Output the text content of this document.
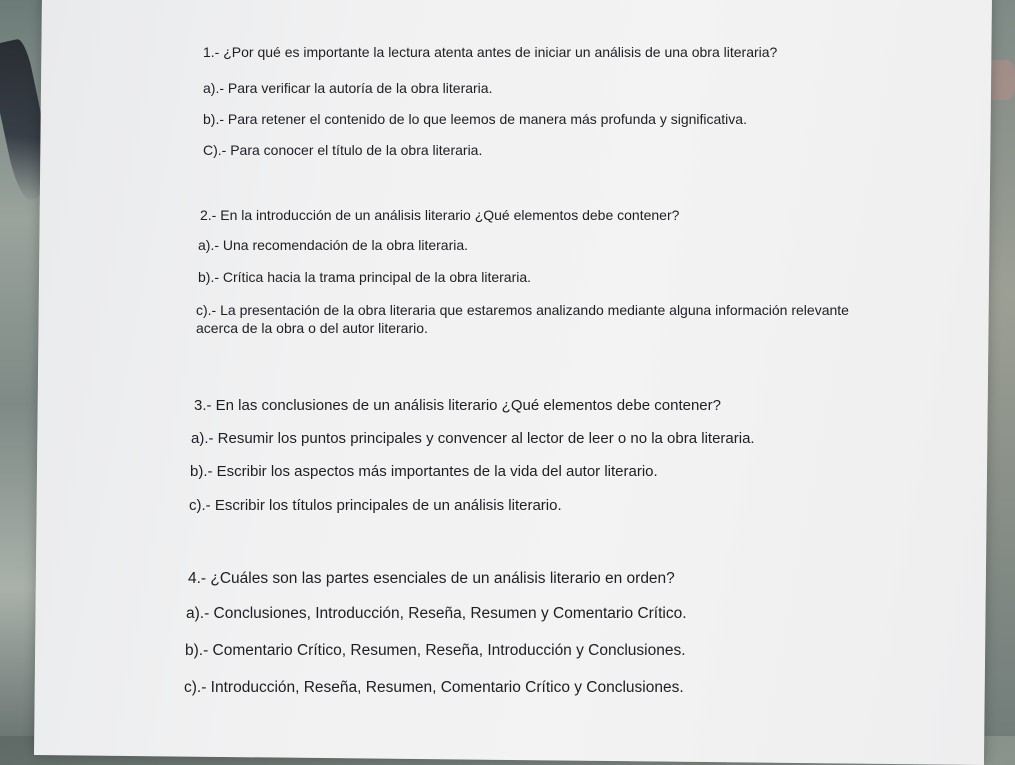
1.- ¿Por qué es importante la lectura atenta antes de iniciar un análisis de una obra literaria?
a).- Para verificar la autoría de la obra literaria.
b).- Para retener el contenido de lo que leemos de manera más profunda y significativa.
C).- Para conocer el título de la obra literaria.
2.- En la introducción de un análisis literario ¿Qué elementos debe contener?
a).- Una recomendación de la obra literaria.
b).- Crítica hacia la trama principal de la obra literaria.
c).- La presentación de la obra literaria que estaremos analizando mediante alguna información relevante acerca de la obra o del autor literario.
3.- En las conclusiones de un análisis literario ¿Qué elementos debe contener?
a).- Resumir los puntos principales y convencer al lector de leer o no la obra literaria.
b).- Escribir los aspectos más importantes de la vida del autor literario.
c).- Escribir los títulos principales de un análisis literario.
4.- ¿Cuáles son las partes esenciales de un análisis literario en orden?
a).- Conclusiones, Introducción, Reseña, Resumen y Comentario Crítico.
b).- Comentario Crítico, Resumen, Reseña, Introducción y Conclusiones.
c).- Introducción, Reseña, Resumen, Comentario Crítico y Conclusiones.
